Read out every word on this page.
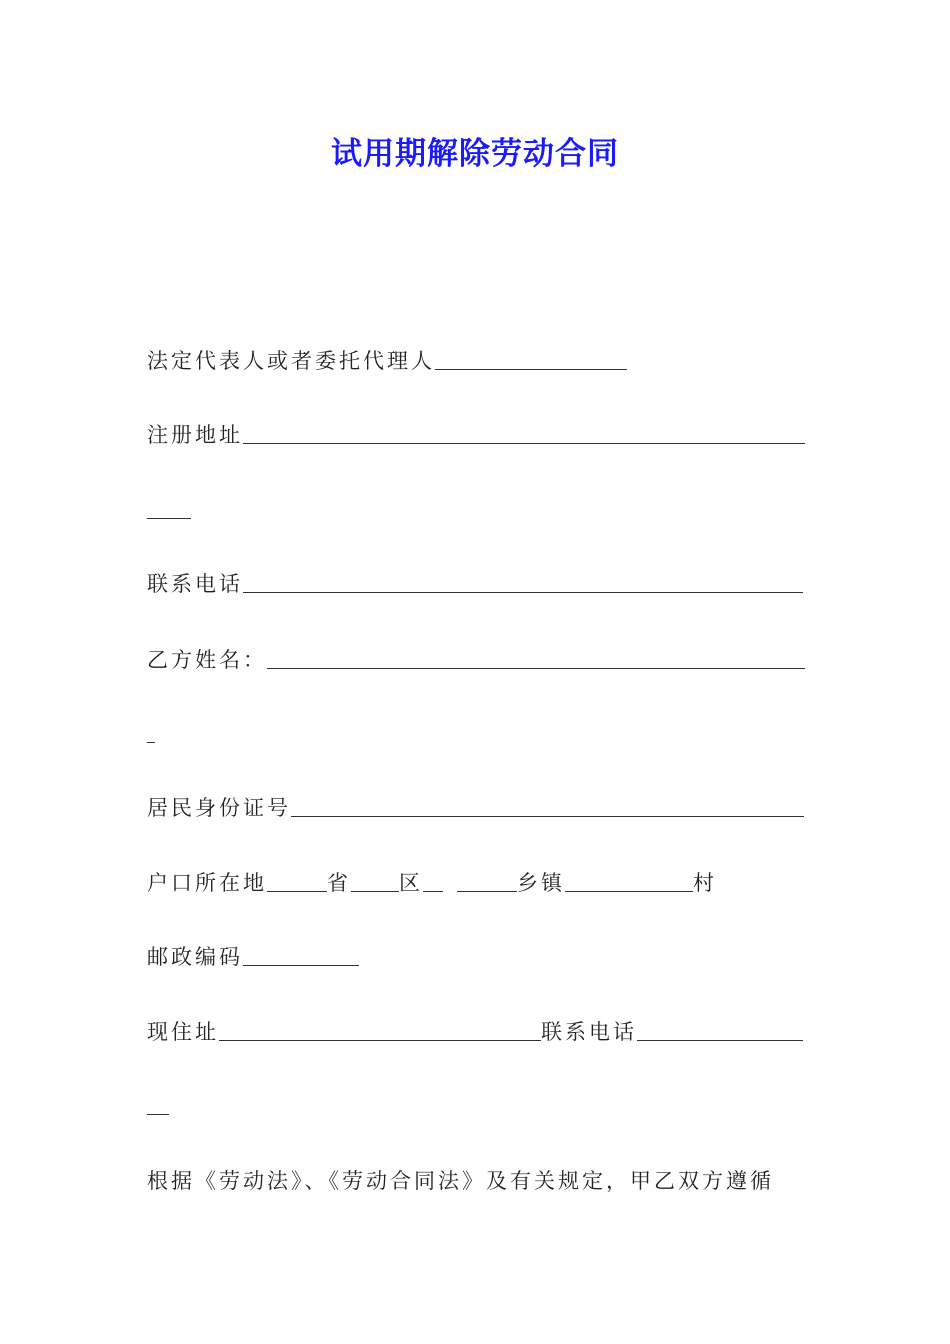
试用期解除劳动合同
法定代表人或者委托代理人
注册地址
联系电话
乙方姓名：
居民身份证号
户口所在地	省 区	乡镇	村
邮政编码
现住址	联系电话
根据《劳动法》、《劳动合同法》及有关规定，甲乙双方遵循
